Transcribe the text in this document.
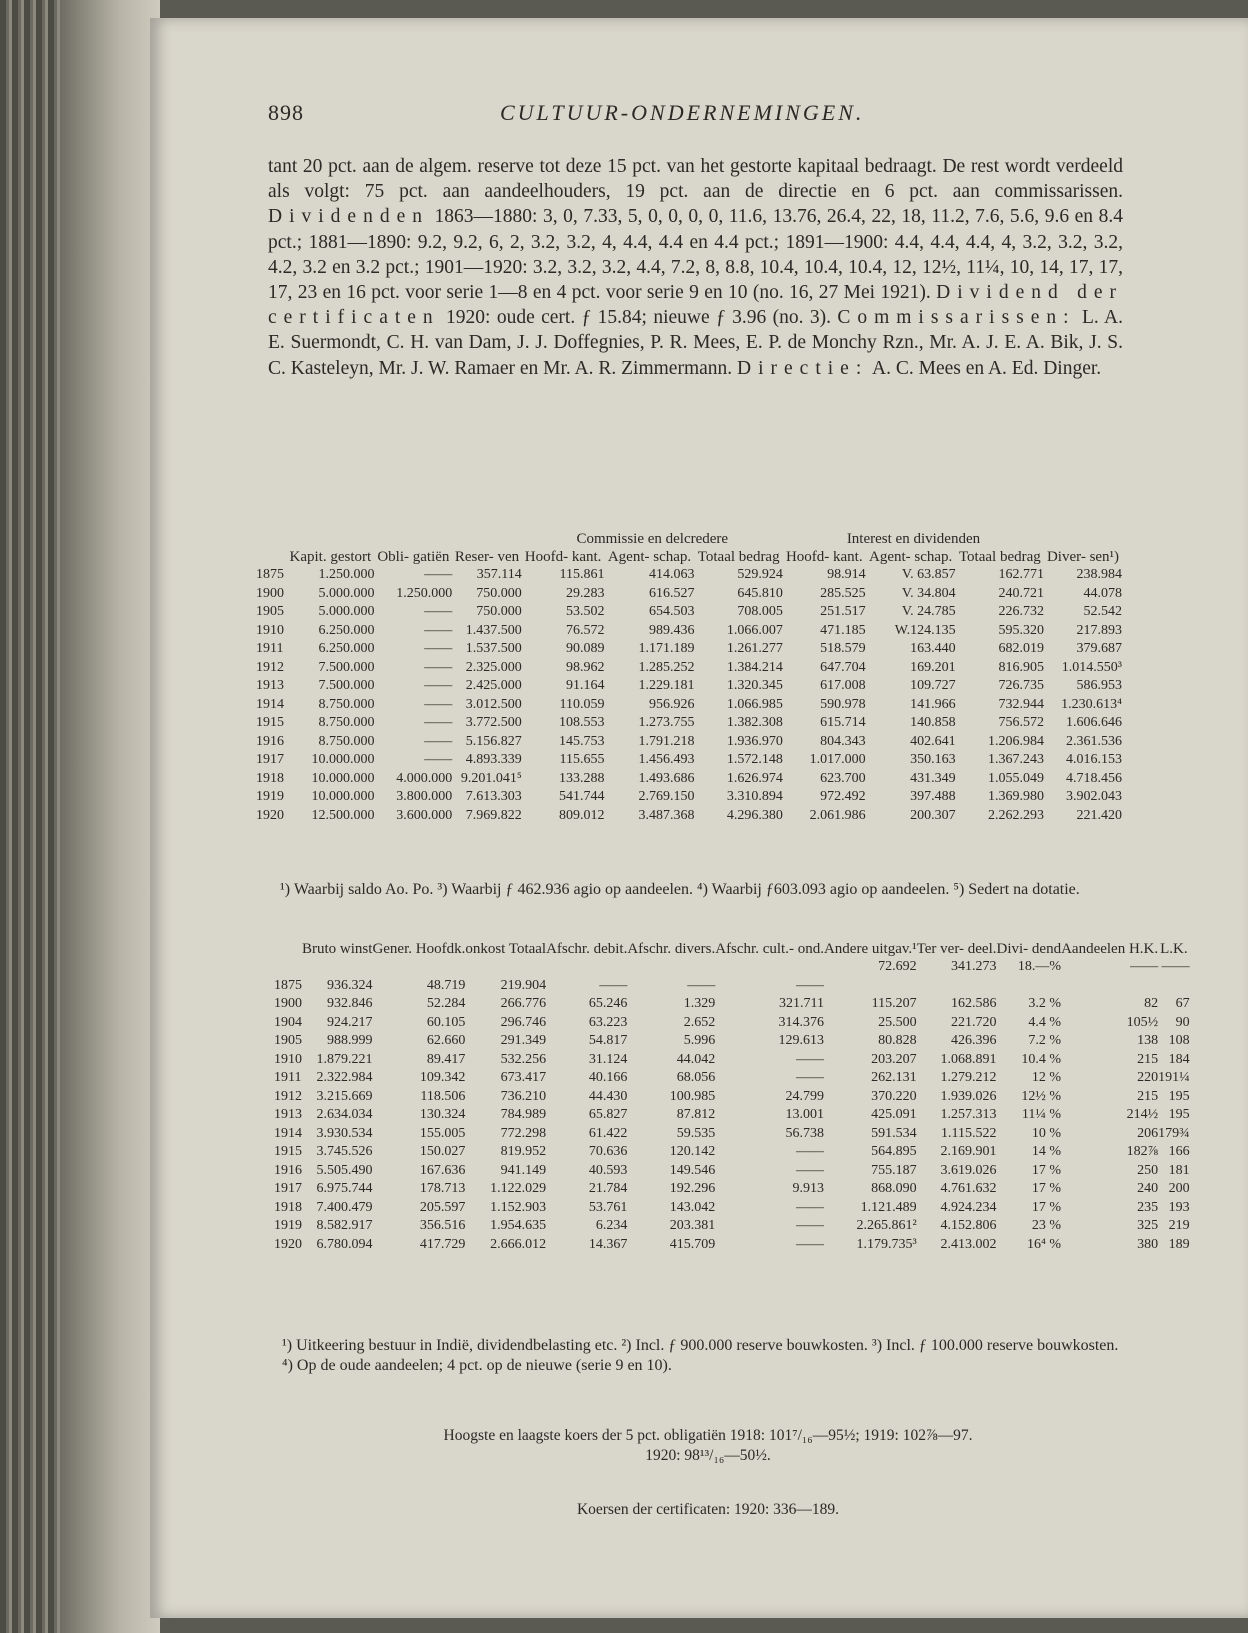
898	CULTUUR-ONDERNEMINGEN.

tant 20 pct. aan de algem. reserve tot deze 15 pct. van het gestorte kapitaal bedraagt. De rest wordt verdeeld als volgt: 75 pct. aan aandeelhouders, 19 pct. aan de directie en 6 pct. aan commissarissen. Dividenden 1863—1880: 3, 0, 7.33, 5, 0, 0, 0, 0, 11.6, 13.76, 26.4, 22, 18, 11.2, 7.6, 5.6, 9.6 en 8.4 pct.; 1881—1890: 9.2, 9.2, 6, 2, 3.2, 3.2, 4, 4.4, 4.4 en 4.4 pct.; 1891—1900: 4.4, 4.4, 4.4, 4, 3.2, 3.2, 3.2, 4.2, 3.2 en 3.2 pct.; 1901—1920: 3.2, 3.2, 3.2, 4.4, 7.2, 8, 8.8, 10.4, 10.4, 10.4, 12, 12½, 11¼, 10, 14, 17, 17, 17, 23 en 16 pct. voor serie 1—8 en 4 pct. voor serie 9 en 10 (no. 16, 27 Mei 1921). Dividend der certificaten 1920: oude cert. ƒ 15.84; nieuwe ƒ 3.96 (no. 3). Commissarissen: L. A. E. Suermondt, C. H. van Dam, J. J. Doffegnies, P. R. Mees, E. P. de Monchy Rzn., Mr. A. J. E. A. Bik, J. S. C. Kasteleyn, Mr. J. W. Ramaer en Mr. A. R. Zimmermann. Directie: A. C. Mees en A. Ed. Dinger.

				Commissie en delcredere			Interest en dividenden			
	Kapit. gestort	Obli- gatiën	Reser- ven	Hoofd- kant.	Agent- schap.	Totaal bedrag	Hoofd- kant.	Agent- schap.	Totaal bedrag	Diver- sen¹)
1875	1.250.000	——	357.114	115.861	414.063	529.924	98.914	V. 63.857	162.771	238.984
1900	5.000.000	1.250.000	750.000	29.283	616.527	645.810	285.525	V. 34.804	240.721	44.078
1905	5.000.000	——	750.000	53.502	654.503	708.005	251.517	V. 24.785	226.732	52.542
1910	6.250.000	——	1.437.500	76.572	989.436	1.066.007	471.185	W.124.135	595.320	217.893
1911	6.250.000	——	1.537.500	90.089	1.171.189	1.261.277	518.579	163.440	682.019	379.687
1912	7.500.000	——	2.325.000	98.962	1.285.252	1.384.214	647.704	169.201	816.905	1.014.550³
1913	7.500.000	——	2.425.000	91.164	1.229.181	1.320.345	617.008	109.727	726.735	586.953
1914	8.750.000	——	3.012.500	110.059	956.926	1.066.985	590.978	141.966	732.944	1.230.613⁴
1915	8.750.000	——	3.772.500	108.553	1.273.755	1.382.308	615.714	140.858	756.572	1.606.646
1916	8.750.000	——	5.156.827	145.753	1.791.218	1.936.970	804.343	402.641	1.206.984	2.361.536
1917	10.000.000	——	4.893.339	115.655	1.456.493	1.572.148	1.017.000	350.163	1.367.243	4.016.153
1918	10.000.000	4.000.000	9.201.041⁵	133.288	1.493.686	1.626.974	623.700	431.349	1.055.049	4.718.456
1919	10.000.000	3.800.000	7.613.303	541.744	2.769.150	3.310.894	972.492	397.488	1.369.980	3.902.043
1920	12.500.000	3.600.000	7.969.822	809.012	3.487.368	4.296.380	2.061.986	200.307	2.262.293	221.420

¹) Waarbij saldo Ao. Po. ³) Waarbij ƒ 462.936 agio op aandeelen. ⁴) Waarbij ƒ603.093 agio op aandeelen. ⁵) Sedert na dotatie.

	Bruto winst	Gener. Hoofdk.	onkost Totaal	Afschr. debit.	Afschr. divers.	Afschr. cult.- ond.	Andere uitgav.¹	Ter ver- deel.	Divi- dend	Aandeelen H.K.	L.K.
							72.692	341.273	18.—%	——	——
1875	936.324	48.719	219.904	——	——	——					
1900	932.846	52.284	266.776	65.246	1.329	321.711	115.207	162.586	3.2 %	82	67
1904	924.217	60.105	296.746	63.223	2.652	314.376	25.500	221.720	4.4 %	105½	90
1905	988.999	62.660	291.349	54.817	5.996	129.613	80.828	426.396	7.2 %	138	108
1910	1.879.221	89.417	532.256	31.124	44.042	——	203.207	1.068.891	10.4 %	215	184
1911	2.322.984	109.342	673.417	40.166	68.056	——	262.131	1.279.212	12 %	220	191¼
1912	3.215.669	118.506	736.210	44.430	100.985	24.799	370.220	1.939.026	12½ %	215	195
1913	2.634.034	130.324	784.989	65.827	87.812	13.001	425.091	1.257.313	11¼ %	214½	195
1914	3.930.534	155.005	772.298	61.422	59.535	56.738	591.534	1.115.522	10 %	206	179¾
1915	3.745.526	150.027	819.952	70.636	120.142	——	564.895	2.169.901	14 %	182⅞	166
1916	5.505.490	167.636	941.149	40.593	149.546	——	755.187	3.619.026	17 %	250	181
1917	6.975.744	178.713	1.122.029	21.784	192.296	9.913	868.090	4.761.632	17 %	240	200
1918	7.400.479	205.597	1.152.903	53.761	143.042	——	1.121.489	4.924.234	17 %	235	193
1919	8.582.917	356.516	1.954.635	6.234	203.381	——	2.265.861²	4.152.806	23 %	325	219
1920	6.780.094	417.729	2.666.012	14.367	415.709	——	1.179.735³	2.413.002	16⁴ %	380	189

¹) Uitkeering bestuur in Indië, dividendbelasting etc. ²) Incl. ƒ 900.000 reserve bouwkosten. ³) Incl. ƒ 100.000 reserve bouwkosten. ⁴) Op de oude aandeelen; 4 pct. op de nieuwe (serie 9 en 10).

Hoogste en laagste koers der 5 pct. obligatiën 1918: 101⁷/₁₆—95½; 1919: 102⅞—97.
1920: 98¹³/₁₆—50½.

Koersen der certificaten: 1920: 336—189.
